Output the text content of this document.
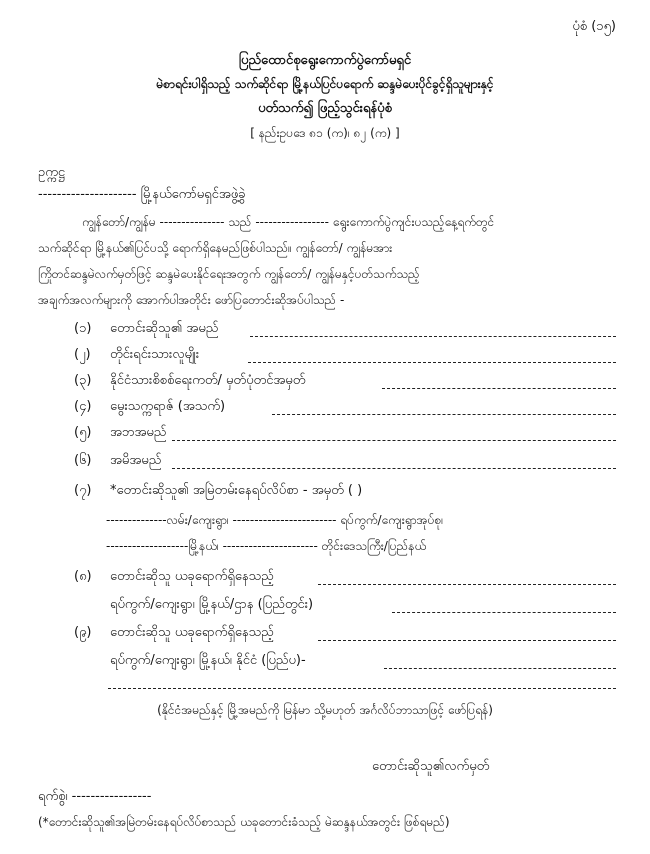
ပုံစံ (၁၅)
ပြည်ထောင်စုရွေးကောက်ပွဲကော်မရှင်
မဲစာရင်းပါရှိသည့် သက်ဆိုင်ရာ မြို့နယ်ပြင်ပရောက် ဆန္ဒမဲပေးပိုင်ခွင့်ရှိသူများနှင့်
ပတ်သက်၍ ဖြည့်သွင်းရန်ပုံစံ
[ နည်းဥပဒေ ၈၁ (က)၊ ၈၂ (က) ]
ဥက္ကဋ္ဌ
--------------------- မြို့နယ်ကော်မရှင်အဖွဲ့ခွဲ
ကျွန်တော်/ကျွန်မ --------------- သည် ----------------- ရွေးကောက်ပွဲကျင်းပသည့်နေ့ရက်တွင်
သက်ဆိုင်ရာ မြို့နယ်၏ပြင်ပသို့ ရောက်ရှိနေမည်ဖြစ်ပါသည်။ ကျွန်တော်/ ကျွန်မအား
ကြိုတင်ဆန္ဒမဲလက်မှတ်ဖြင့် ဆန္ဒမဲပေးနိုင်ရေးအတွက် ကျွန်တော်/ ကျွန်မနှင့်ပတ်သက်သည့်
အချက်အလက်များကို အောက်ပါအတိုင်း ဖော်ပြတောင်းဆိုအပ်ပါသည် -
(၁) တောင်းဆိုသူ၏ အမည်
(၂) တိုင်းရင်းသားလူမျိုး
(၃) နိုင်ငံသားစိစစ်ရေးကတ်/ မှတ်ပုံတင်အမှတ်
(၄) မွေးသက္ကရာဇ် (အသက်)
(၅) အဘအမည်
(၆) အမိအမည်
(၇) *တောင်းဆိုသူ၏ အမြဲတမ်းနေရပ်လိပ်စာ - အမှတ် ( )
--------------လမ်း/ကျေးရွာ၊ ------------------------ ရပ်ကွက်/ကျေးရွာအုပ်စု၊
-------------------မြို့နယ်၊ ---------------------- တိုင်းဒေသကြီး/ပြည်နယ်
(၈) တောင်းဆိုသူ ယခုရောက်ရှိနေသည့်
ရပ်ကွက်/ကျေးရွာ၊ မြို့နယ်/ဌာန (ပြည်တွင်း)
(၉) တောင်းဆိုသူ ယခုရောက်ရှိနေသည့်
ရပ်ကွက်/ကျေးရွာ၊ မြို့နယ်၊ နိုင်ငံ (ပြည်ပ)-
(နိုင်ငံအမည်နှင့် မြို့အမည်ကို မြန်မာ သို့မဟုတ် အင်္ဂလိပ်ဘာသာဖြင့် ဖော်ပြရန်)
တောင်းဆိုသူ၏လက်မှတ်
ရက်စွဲ၊ -----------------
(*တောင်းဆိုသူ၏အမြဲတမ်းနေရပ်လိပ်စာသည် ယခုတောင်းခံသည့် မဲဆန္ဒနယ်အတွင်း ဖြစ်ရမည်)
